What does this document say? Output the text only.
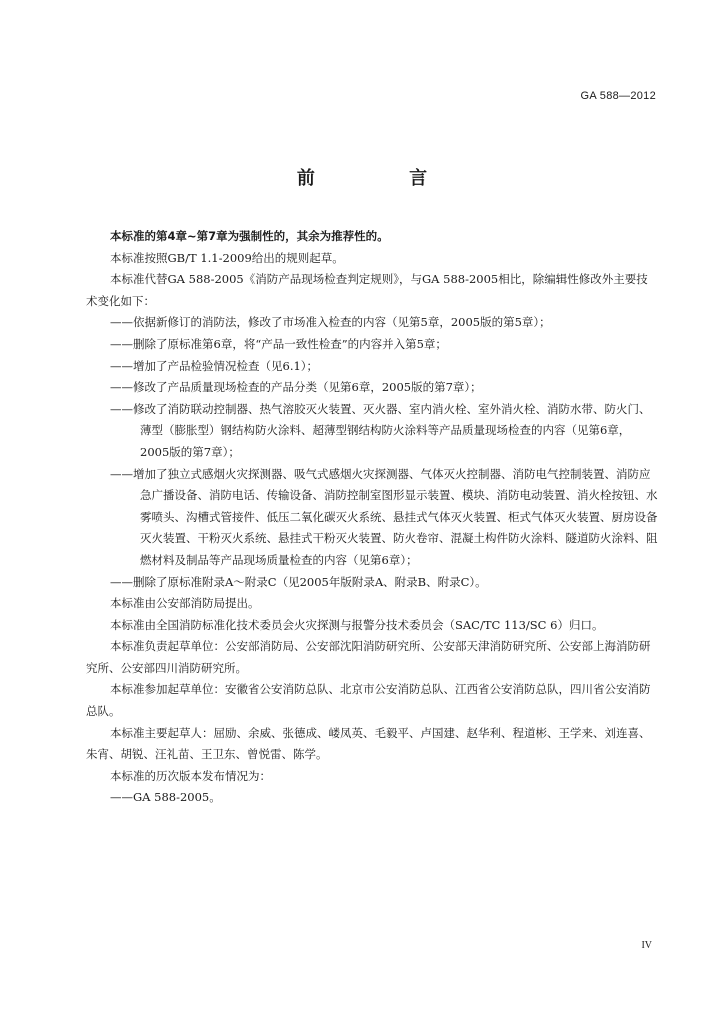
GA 588—2012
前 言

本标准的第4章~第7章为强制性的，其余为推荐性的。

本标准按照GB/T 1.1-2009给出的规则起草。

本标准代替GA 588-2005《消防产品现场检查判定规则》，与GA 588-2005相比，除编辑性修改外主要技术变化如下：

——依据新修订的消防法，修改了市场准入检查的内容（见第5章，2005版的第5章）；

——删除了原标准第6章，将“产品一致性检查”的内容并入第5章；

——增加了产品检验情况检查（见6.1）；

——修改了产品质量现场检查的产品分类（见第6章，2005版的第7章）；

——修改了消防联动控制器、热气溶胶灭火装置、灭火器、室内消火栓、室外消火栓、消防水带、防火门、薄型（膨胀型）钢结构防火涂料、超薄型钢结构防火涂料等产品质量现场检查的内容（见第6章，2005版的第7章）；

——增加了独立式感烟火灾探测器、吸气式感烟火灾探测器、气体灭火控制器、消防电气控制装置、消防应急广播设备、消防电话、传输设备、消防控制室图形显示装置、模块、消防电动装置、消火栓按钮、水雾喷头、沟槽式管接件、低压二氧化碳灭火系统、悬挂式气体灭火装置、柜式气体灭火装置、厨房设备灭火装置、干粉灭火系统、悬挂式干粉灭火装置、防火卷帘、混凝土构件防火涂料、隧道防火涂料、阻燃材料及制品等产品现场质量检查的内容（见第6章）；

——删除了原标准附录A～附录C（见2005年版附录A、附录B、附录C）。

本标准由公安部消防局提出。

本标准由全国消防标准化技术委员会火灾探测与报警分技术委员会（SAC/TC 113/SC 6）归口。

本标准负责起草单位：公安部消防局、公安部沈阳消防研究所、公安部天津消防研究所、公安部上海消防研究所、公安部四川消防研究所。

本标准参加起草单位：安徽省公安消防总队、北京市公安消防总队、江西省公安消防总队，四川省公安消防总队。

本标准主要起草人：屈励、余威、张德成、嵝凤英、毛毅平、卢国建、赵华利、程道彬、王学来、刘连喜、朱宵、胡锐、汪礼苗、王卫东、曾悦雷、陈学。

本标准的历次版本发布情况为：

——GA 588-2005。

IV
